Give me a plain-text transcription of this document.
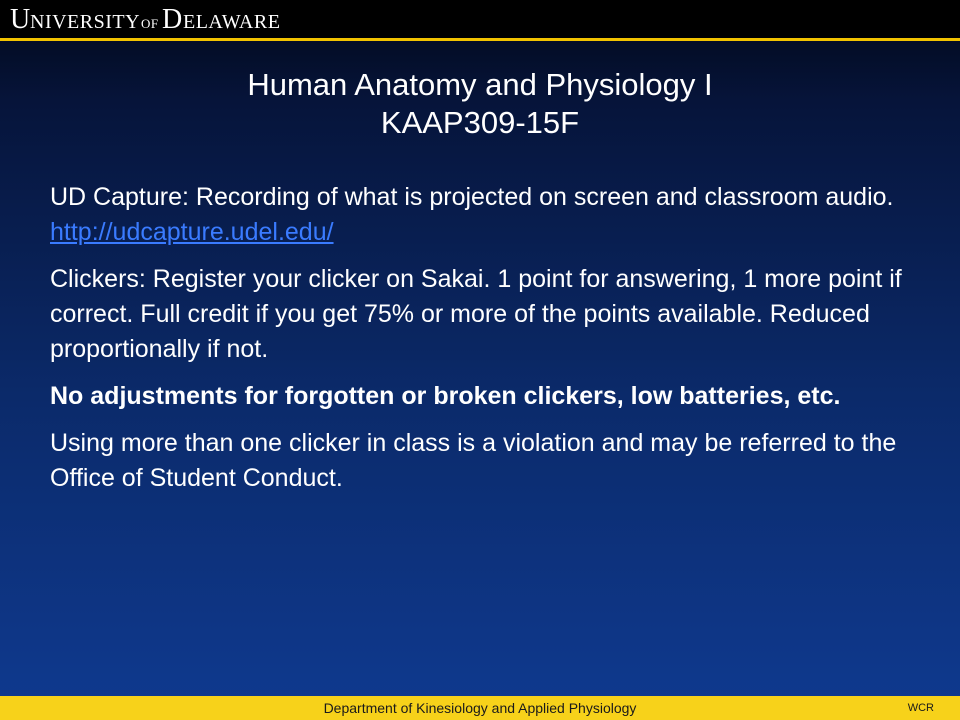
U NIVERSITY OF D ELAWARE
Human Anatomy and Physiology I
KAAP309-15F

UD Capture: Recording of what is projected on screen and classroom audio. http://udcapture.udel.edu/

Clickers: Register your clicker on Sakai. 1 point for answering, 1 more point if correct. Full credit if you get 75% or more of the points available. Reduced proportionally if not.

No adjustments for forgotten or broken clickers, low batteries, etc.

Using more than one clicker in class is a violation and may be referred to the Office of Student Conduct.

Department of Kinesiology and Applied Physiology	WCR
